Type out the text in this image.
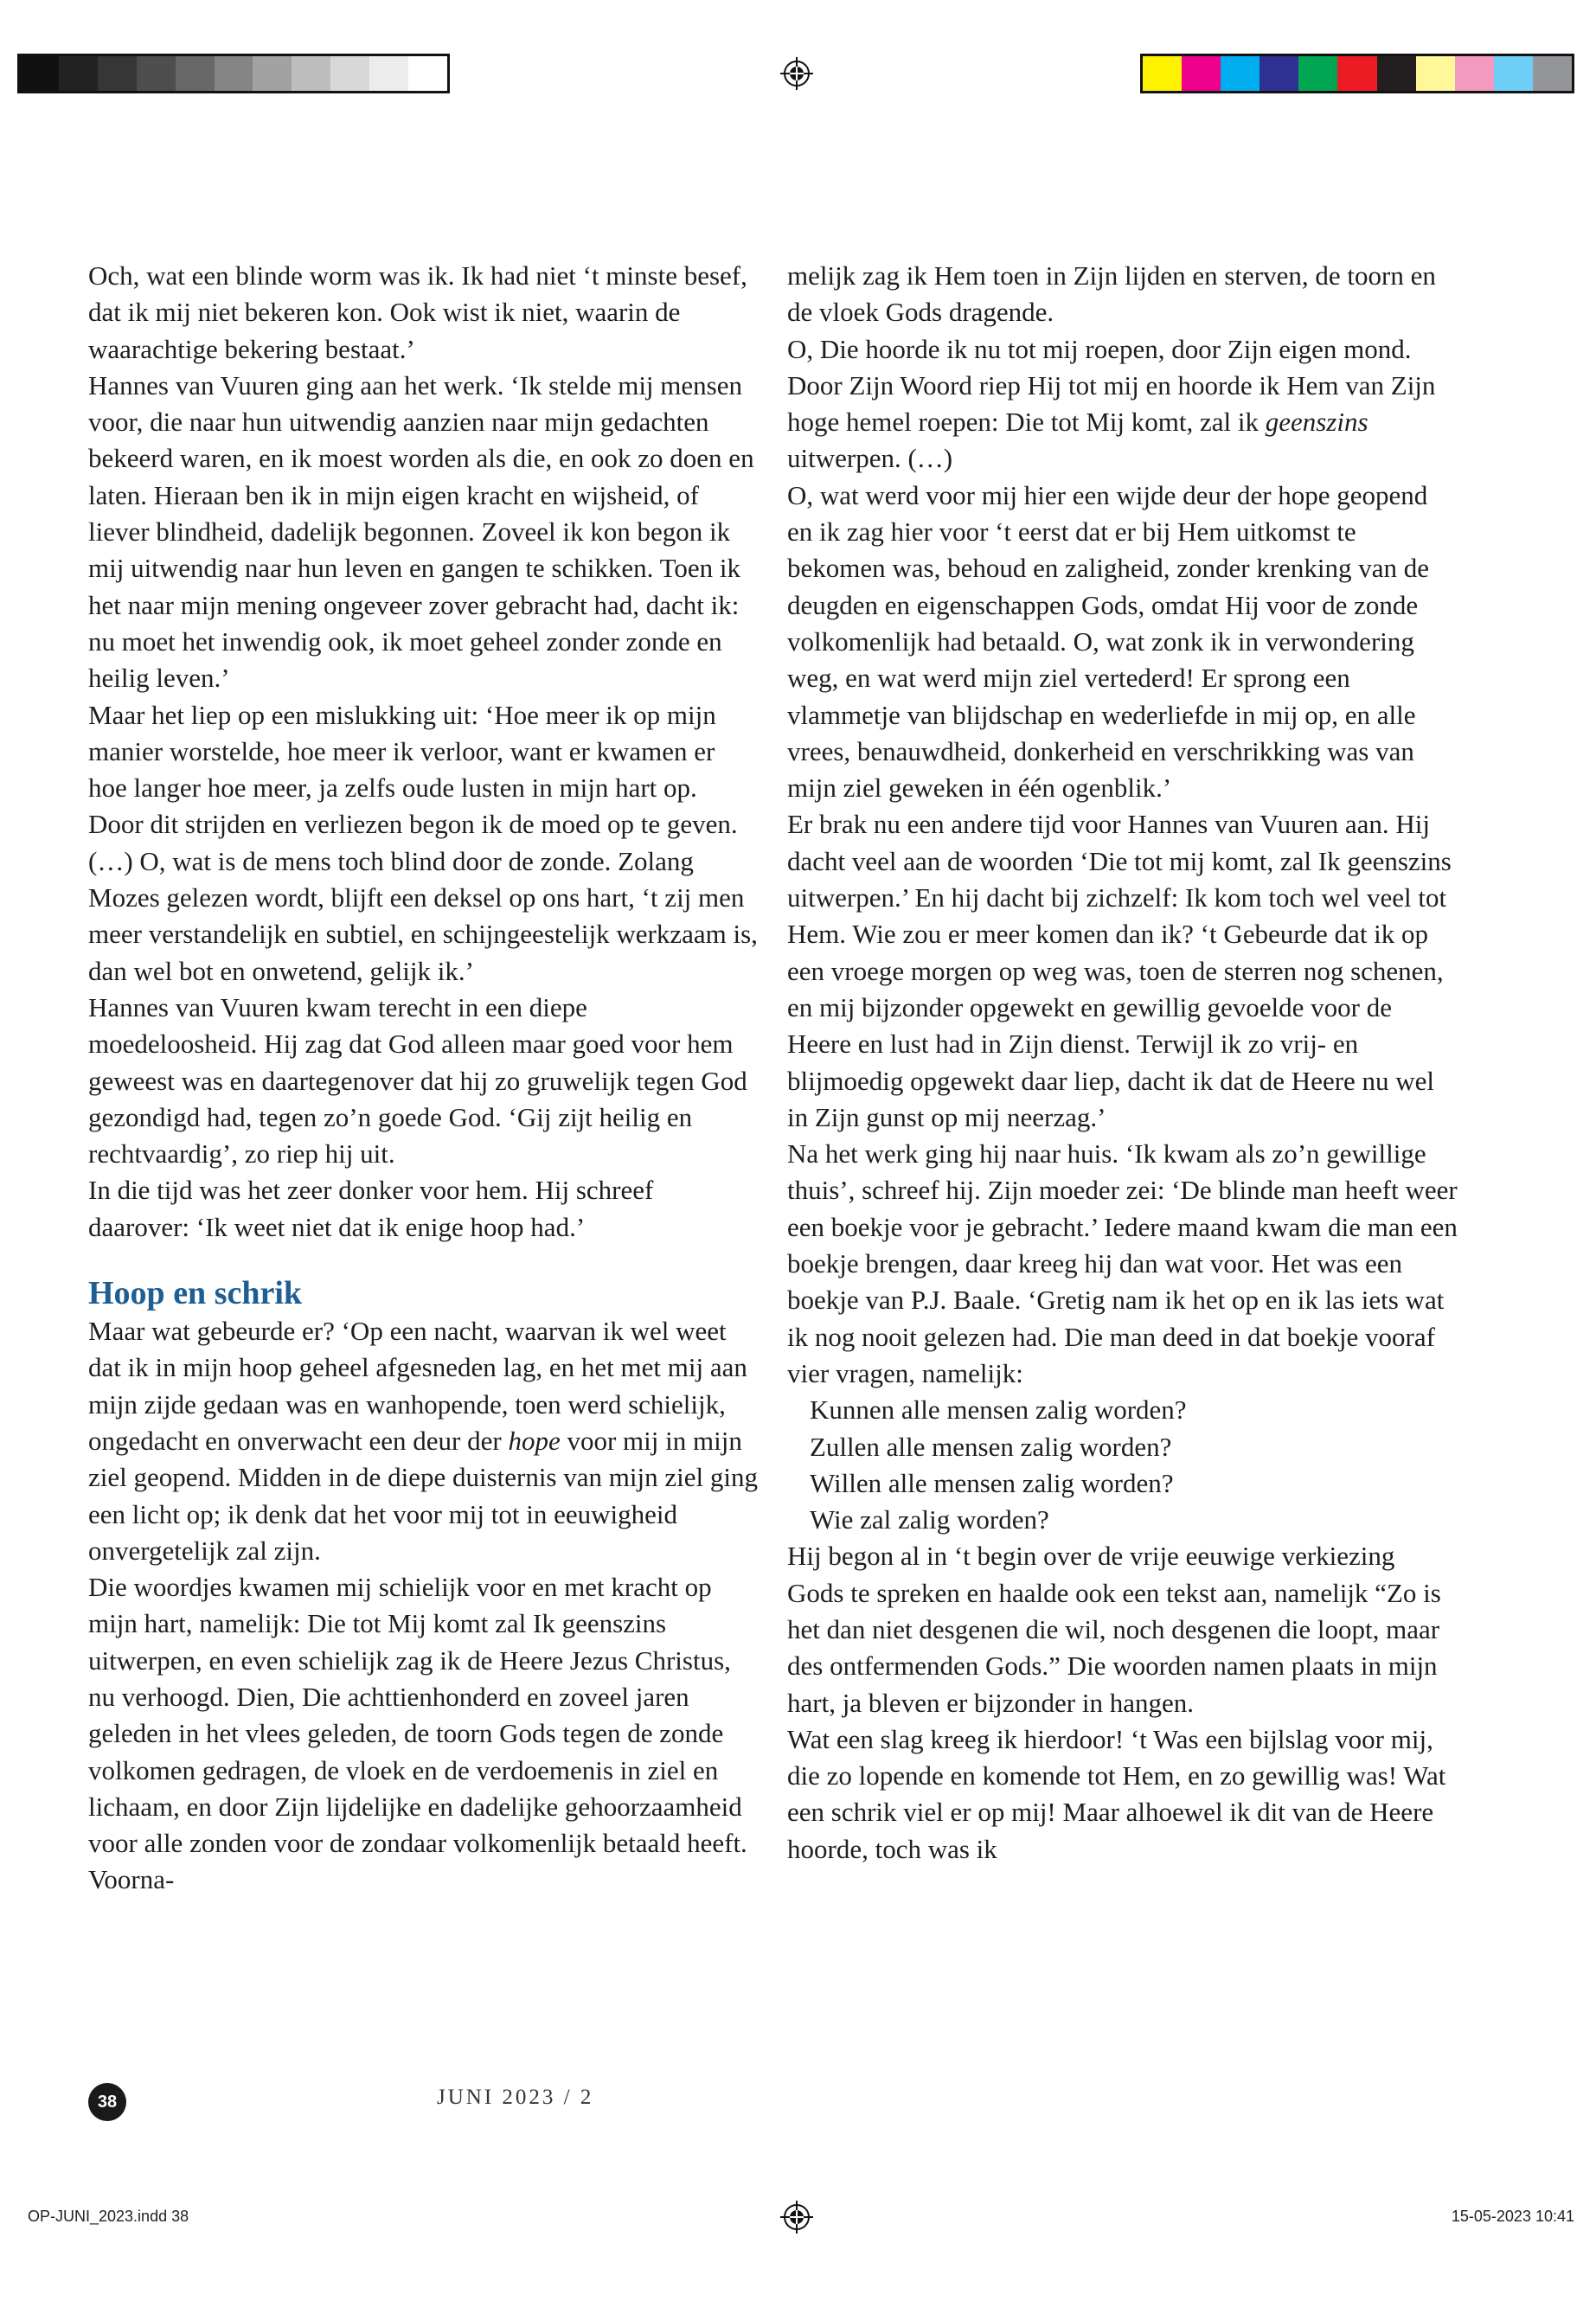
Och, wat een blinde worm was ik. Ik had niet ‘t minste besef, dat ik mij niet bekeren kon. Ook wist ik niet, waarin de waarachtige bekering bestaat.’

Hannes van Vuuren ging aan het werk. ‘Ik stelde mij mensen voor, die naar hun uitwendig aanzien naar mijn gedachten bekeerd waren, en ik moest worden als die, en ook zo doen en laten. Hieraan ben ik in mijn eigen kracht en wijsheid, of liever blindheid, dadelijk begonnen. Zoveel ik kon begon ik mij uitwendig naar hun leven en gangen te schikken. Toen ik het naar mijn mening ongeveer zover gebracht had, dacht ik: nu moet het inwendig ook, ik moet geheel zonder zonde en heilig leven.’

Maar het liep op een mislukking uit: ‘Hoe meer ik op mijn manier worstelde, hoe meer ik verloor, want er kwamen er hoe langer hoe meer, ja zelfs oude lusten in mijn hart op. Door dit strijden en verliezen begon ik de moed op te geven. (…) O, wat is de mens toch blind door de zonde. Zolang Mozes gelezen wordt, blijft een deksel op ons hart, ‘t zij men meer verstandelijk en subtiel, en schijngeestelijk werkzaam is, dan wel bot en onwetend, gelijk ik.’

Hannes van Vuuren kwam terecht in een diepe moedeloosheid. Hij zag dat God alleen maar goed voor hem geweest was en daartegenover dat hij zo gruwelijk tegen God gezondigd had, tegen zo’n goede God. ‘Gij zijt heilig en rechtvaardig’, zo riep hij uit.

In die tijd was het zeer donker voor hem. Hij schreef daarover: ‘Ik weet niet dat ik enige hoop had.’

Hoop en schrik

Maar wat gebeurde er? ‘Op een nacht, waarvan ik wel weet dat ik in mijn hoop geheel afgesneden lag, en het met mij aan mijn zijde gedaan was en wanhopende, toen werd schielijk, ongedacht en onverwacht een deur der hope voor mij in mijn ziel geopend. Midden in de diepe duisternis van mijn ziel ging een licht op; ik denk dat het voor mij tot in eeuwigheid onvergetelijk zal zijn.

Die woordjes kwamen mij schielijk voor en met kracht op mijn hart, namelijk: Die tot Mij komt zal Ik geenszins uitwerpen, en even schielijk zag ik de Heere Jezus Christus, nu verhoogd. Dien, Die achttienhonderd en zoveel jaren geleden in het vlees geleden, de toorn Gods tegen de zonde volkomen gedragen, de vloek en de verdoemenis in ziel en lichaam, en door Zijn lijdelijke en dadelijke gehoorzaamheid voor alle zonden voor de zondaar volkomenlijk betaald heeft. Voorna-

melijk zag ik Hem toen in Zijn lijden en sterven, de toorn en de vloek Gods dragende.

O, Die hoorde ik nu tot mij roepen, door Zijn eigen mond. Door Zijn Woord riep Hij tot mij en hoorde ik Hem van Zijn hoge hemel roepen: Die tot Mij komt, zal ik geenszins uitwerpen. (…)

O, wat werd voor mij hier een wijde deur der hope geopend en ik zag hier voor ‘t eerst dat er bij Hem uitkomst te bekomen was, behoud en zaligheid, zonder krenking van de deugden en eigenschappen Gods, omdat Hij voor de zonde volkomenlijk had betaald. O, wat zonk ik in verwondering weg, en wat werd mijn ziel vertederd! Er sprong een vlammetje van blijdschap en wederliefde in mij op, en alle vrees, benauwdheid, donkerheid en verschrikking was van mijn ziel geweken in één ogenblik.’

Er brak nu een andere tijd voor Hannes van Vuuren aan. Hij dacht veel aan de woorden ‘Die tot mij komt, zal Ik geenszins uitwerpen.’ En hij dacht bij zichzelf: Ik kom toch wel veel tot Hem. Wie zou er meer komen dan ik? ‘t Gebeurde dat ik op een vroege morgen op weg was, toen de sterren nog schenen, en mij bijzonder opgewekt en gewillig gevoelde voor de Heere en lust had in Zijn dienst. Terwijl ik zo vrij- en blijmoedig opgewekt daar liep, dacht ik dat de Heere nu wel in Zijn gunst op mij neerzag.’

Na het werk ging hij naar huis. ‘Ik kwam als zo’n gewillige thuis’, schreef hij. Zijn moeder zei: ‘De blinde man heeft weer een boekje voor je gebracht.’ Iedere maand kwam die man een boekje brengen, daar kreeg hij dan wat voor. Het was een boekje van P.J. Baale. ‘Gretig nam ik het op en ik las iets wat ik nog nooit gelezen had. Die man deed in dat boekje vooraf vier vragen, namelijk:

Kunnen alle mensen zalig worden?
Zullen alle mensen zalig worden?
Willen alle mensen zalig worden?
Wie zal zalig worden?

Hij begon al in ‘t begin over de vrije eeuwige verkiezing Gods te spreken en haalde ook een tekst aan, namelijk “Zo is het dan niet desgenen die wil, noch desgenen die loopt, maar des ontfermenden Gods.” Die woorden namen plaats in mijn hart, ja bleven er bijzonder in hangen.

Wat een slag kreeg ik hierdoor! ‘t Was een bijlslag voor mij, die zo lopende en komende tot Hem, en zo gewillig was! Wat een schrik viel er op mij! Maar alhoewel ik dit van de Heere hoorde, toch was ik

38	JUNI 2023 / 2
OP-JUNI_2023.indd 38	15-05-2023 10:41
